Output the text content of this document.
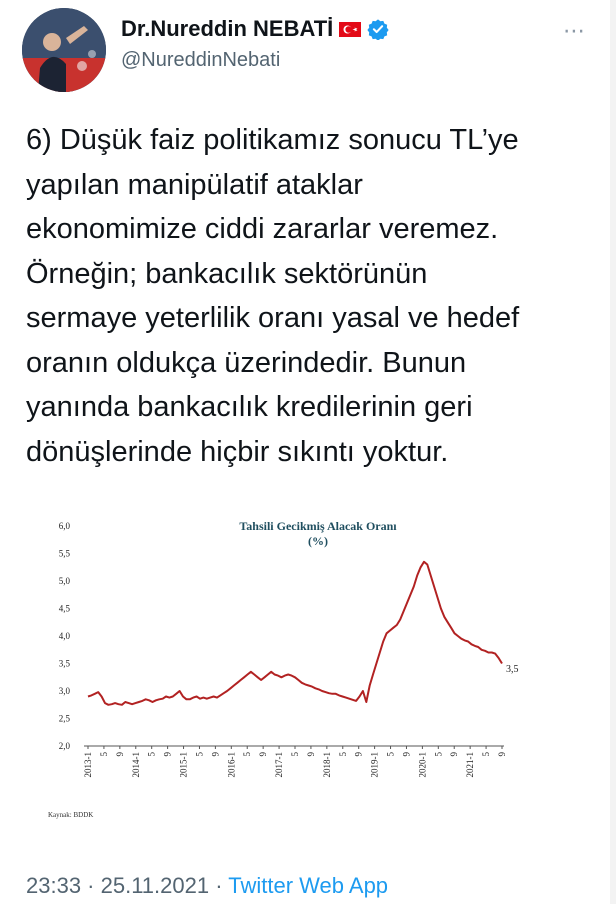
Dr.Nureddin NEBATİ
@NureddinNebati
⋯
6) Düşük faiz politikamız sonucu TL’ye
yapılan manipülatif ataklar
ekonomimize ciddi zararlar veremez.
Örneğin; bankacılık sektörünün
sermaye yeterlilik oranı yasal ve hedef
oranın oldukça üzerindedir. Bunun
yanında bankacılık kredilerinin geri
dönüşlerinde hiçbir sıkıntı yoktur.
Tahsili Gecikmiş Alacak Oranı
(%)
2,0
2,5
3,0
3,5
4,0
4,5
5,0
5,5
6,0
2013-1 5 9 2014-1 5 9 2015-1 5 9 2016-1 5 9 2017-1 5 9 2018-1 5 9 2019-1 5 9 2020-1 5 9 2021-1 5 9
3,5
Kaynak: BDDK
23:33 · 25.11.2021 · Twitter Web App
